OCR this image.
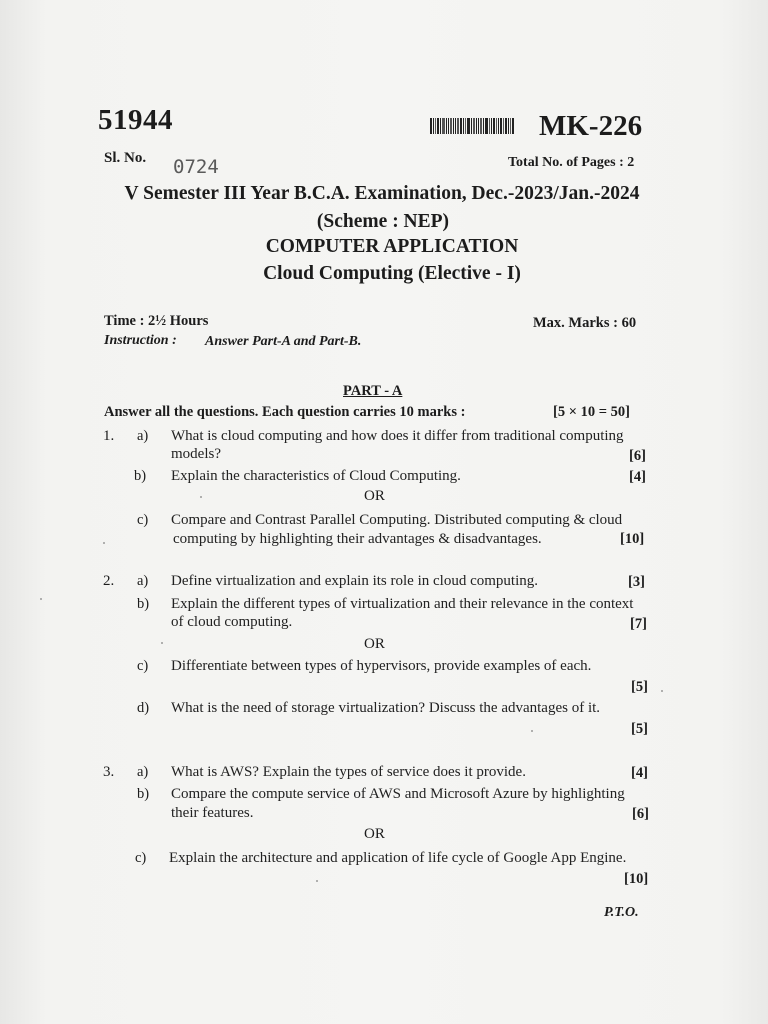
51944	MK-226
Sl. No. 0724	Total No. of Pages : 2
V Semester III Year B.C.A. Examination, Dec.-2023/Jan.-2024
(Scheme : NEP)
COMPUTER APPLICATION
Cloud Computing (Elective - I)
Time : 2½ Hours	Max. Marks : 60
Instruction : Answer Part-A and Part-B.
PART - A
Answer all the questions. Each question carries 10 marks :	[5 × 10 = 50]
1. a) What is cloud computing and how does it differ from traditional computing
models?	[6]
b) Explain the characteristics of Cloud Computing.	[4]
OR
c) Compare and Contrast Parallel Computing. Distributed computing & cloud
computing by highlighting their advantages & disadvantages.	[10]
2. a) Define virtualization and explain its role in cloud computing.	[3]
b) Explain the different types of virtualization and their relevance in the context
of cloud computing.	[7]
OR
c) Differentiate between types of hypervisors, provide examples of each.
[5]
d) What is the need of storage virtualization? Discuss the advantages of it.
[5]
3. a) What is AWS? Explain the types of service does it provide.	[4]
b) Compare the compute service of AWS and Microsoft Azure by highlighting
their features.	[6]
OR
c) Explain the architecture and application of life cycle of Google App Engine.
[10]
P.T.O.
